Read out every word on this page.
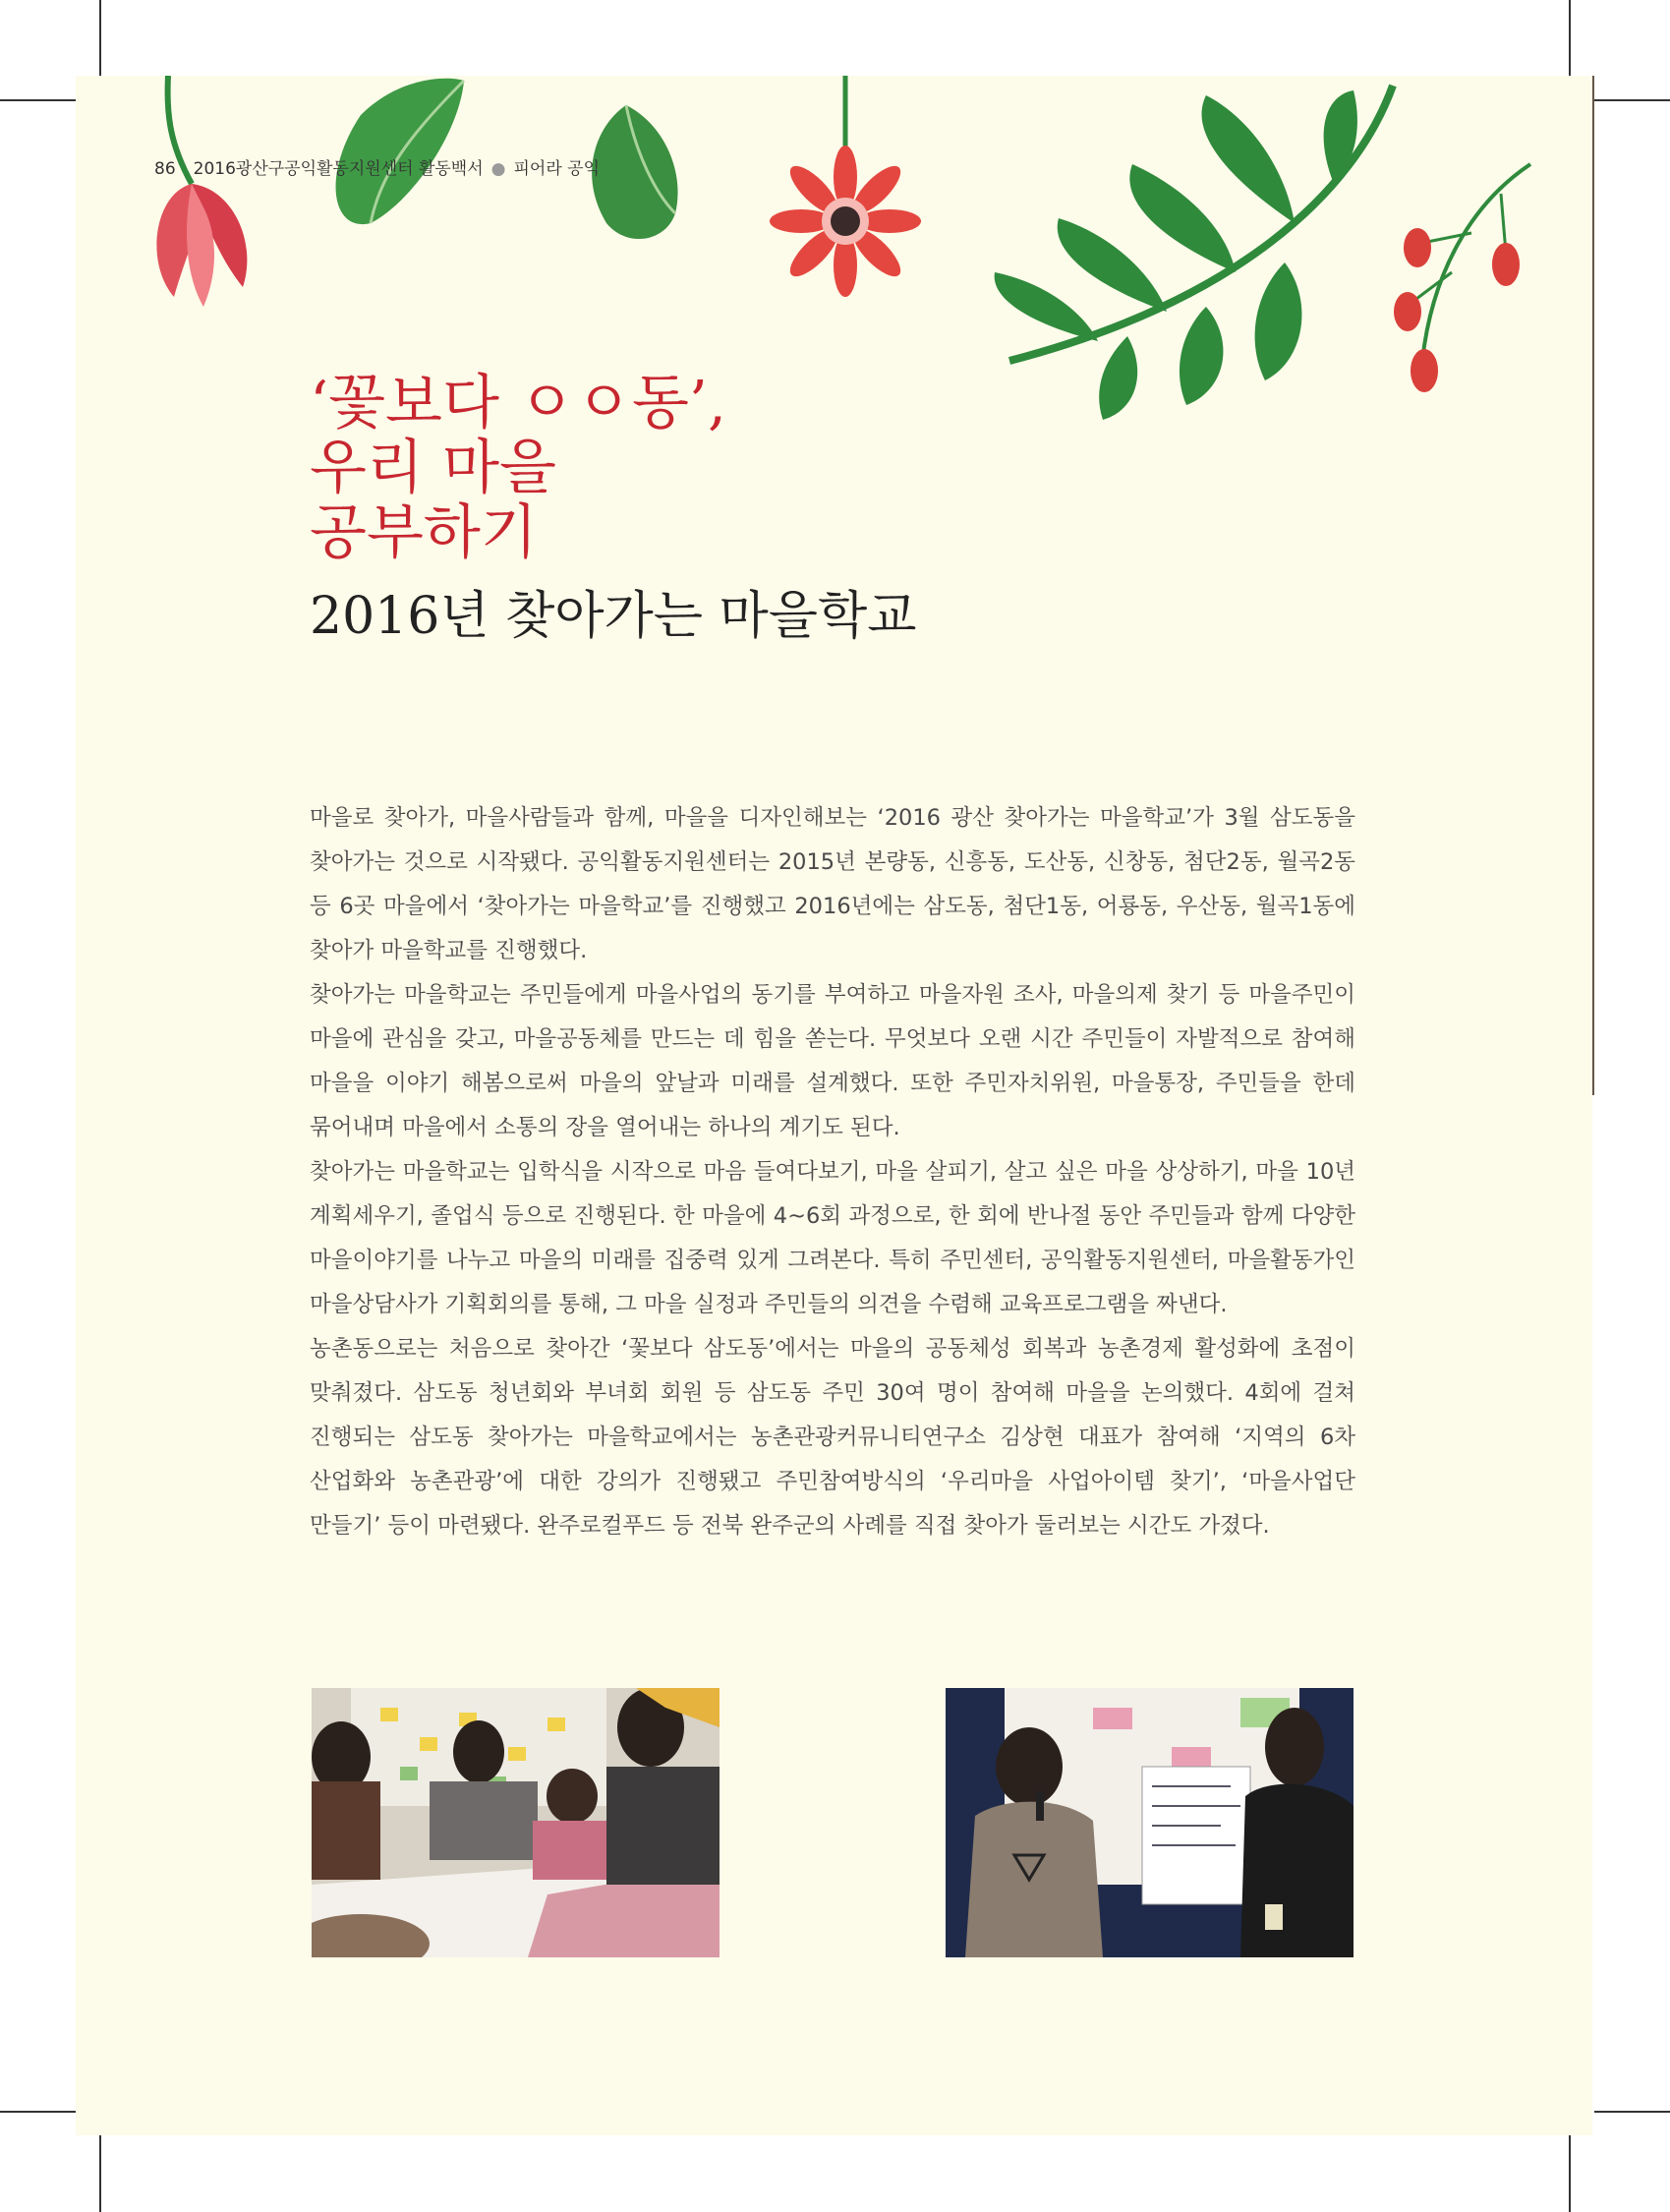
86 2016광산구공익활동지원센터 활동백서 ● 피어라 공익
‘꽃보다 ㅇㅇ동’,
우리 마을
공부하기
2016년 찾아가는 마을학교

마을로 찾아가, 마을사람들과 함께, 마을을 디자인해보는 ‘2016 광산 찾아가는 마을학교’가 3월 삼도동을 찾아가는 것으로 시작됐다. 공익활동지원센터는 2015년 본량동, 신흥동, 도산동, 신창동, 첨단2동, 월곡2동 등 6곳 마을에서 ‘찾아가는 마을학교’를 진행했고 2016년에는 삼도동, 첨단1동, 어룡동, 우산동, 월곡1동에 찾아가 마을학교를 진행했다.

찾아가는 마을학교는 주민들에게 마을사업의 동기를 부여하고 마을자원 조사, 마을의제 찾기 등 마을주민이 마을에 관심을 갖고, 마을공동체를 만드는 데 힘을 쏟는다. 무엇보다 오랜 시간 주민들이 자발적으로 참여해 마을을 이야기 해봄으로써 마을의 앞날과 미래를 설계했다. 또한 주민자치위원, 마을통장, 주민들을 한데 묶어내며 마을에서 소통의 장을 열어내는 하나의 계기도 된다.

찾아가는 마을학교는 입학식을 시작으로 마음 들여다보기, 마을 살피기, 살고 싶은 마을 상상하기, 마을 10년 계획세우기, 졸업식 등으로 진행된다. 한 마을에 4~6회 과정으로, 한 회에 반나절 동안 주민들과 함께 다양한 마을이야기를 나누고 마을의 미래를 집중력 있게 그려본다. 특히 주민센터, 공익활동지원센터, 마을활동가인 마을상담사가 기획회의를 통해, 그 마을 실정과 주민들의 의견을 수렴해 교육프로그램을 짜낸다.

농촌동으로는 처음으로 찾아간 ‘꽃보다 삼도동’에서는 마을의 공동체성 회복과 농촌경제 활성화에 초점이 맞춰졌다. 삼도동 청년회와 부녀회 회원 등 삼도동 주민 30여 명이 참여해 마을을 논의했다. 4회에 걸쳐 진행되는 삼도동 찾아가는 마을학교에서는 농촌관광커뮤니티연구소 김상현 대표가 참여해 ‘지역의 6차 산업화와 농촌관광’에 대한 강의가 진행됐고 주민참여방식의 ‘우리마을 사업아이템 찾기’, ‘마을사업단 만들기’ 등이 마련됐다. 완주로컬푸드 등 전북 완주군의 사례를 직접 찾아가 둘러보는 시간도 가졌다.
